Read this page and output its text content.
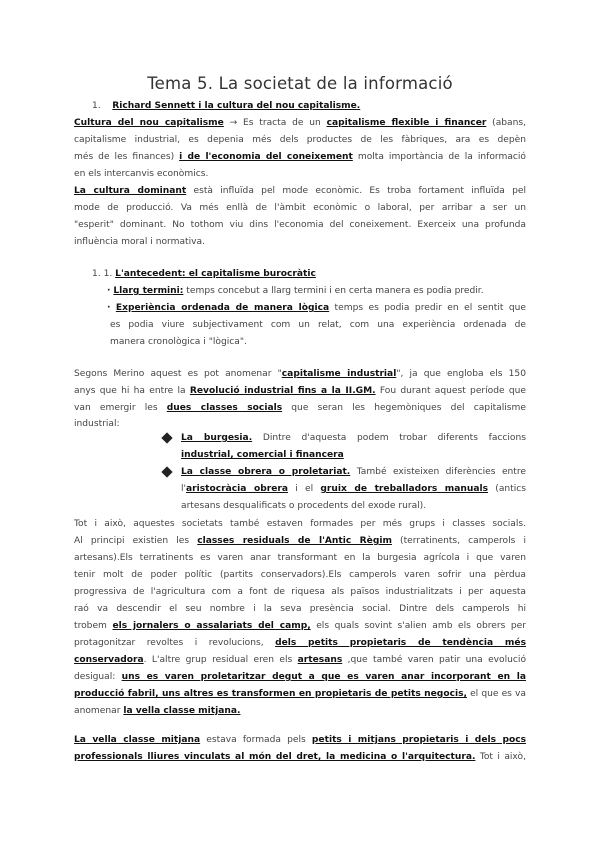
Tema 5. La societat de la informació
1. Richard Sennett i la cultura del nou capitalisme.
Cultura del nou capitalisme → Es tracta de un capitalisme flexible i financer (abans,
capitalisme industrial, es depenia més dels productes de les fàbriques, ara es depèn
més de les finances) i de l'economia del coneixement molta importància de la informació
en els intercanvis econòmics.
La cultura dominant està influïda pel mode econòmic. Es troba fortament influïda pel
mode de producció. Va més enllà de l'àmbit econòmic o laboral, per arribar a ser un
"esperit" dominant. No tothom viu dins l'economia del coneixement. Exerceix una profunda
influència moral i normativa.
1. 1. L'antecedent: el capitalisme burocràtic
· Llarg termini: temps concebut a llarg termini i en certa manera es podia predir.
· Experiència ordenada de manera lògica temps es podia predir en el sentit que
es podia viure subjectivament com un relat, com una experiència ordenada de
manera cronològica i "lògica".
Segons Merino aquest es pot anomenar "capitalisme industrial", ja que engloba els 150
anys que hi ha entre la Revolució industrial fins a la II.GM. Fou durant aquest període que
van emergir les dues classes socials que seran les hegemòniques del capitalisme
industrial:
La burgesia. Dintre d'aquesta podem trobar diferents faccions
industrial, comercial i financera
La classe obrera o proletariat. També existeixen diferències entre
l'aristocràcia obrera i el gruix de treballadors manuals (antics
artesans desqualificats o procedents del exode rural).
Tot i això, aquestes societats també estaven formades per més grups i classes socials.
Al principi existien les classes residuals de l'Antic Règim (terratinents, camperols i
artesans).Els terratinents es varen anar transformant en la burgesia agrícola i que varen
tenir molt de poder polític (partits conservadors).Els camperols varen sofrir una pèrdua
progressiva de l'agricultura com a font de riquesa als països industrialitzats i per aquesta
raó va descendir el seu nombre i la seva presència social. Dintre dels camperols hi
trobem els jornalers o assalariats del camp, els quals sovint s'alien amb els obrers per
protagonitzar revoltes i revolucions, dels petits propietaris de tendència més
conservadora. L'altre grup residual eren els artesans ,que també varen patir una evolució
desigual: uns es varen proletaritzar degut a que es varen anar incorporant en la
producció fabril, uns altres es transformen en propietaris de petits negocis, el que es va
anomenar la vella classe mitjana.
La vella classe mitjana estava formada pels petits i mitjans propietaris i dels pocs
professionals lliures vinculats al món del dret, la medicina o l'arquitectura. Tot i això,
